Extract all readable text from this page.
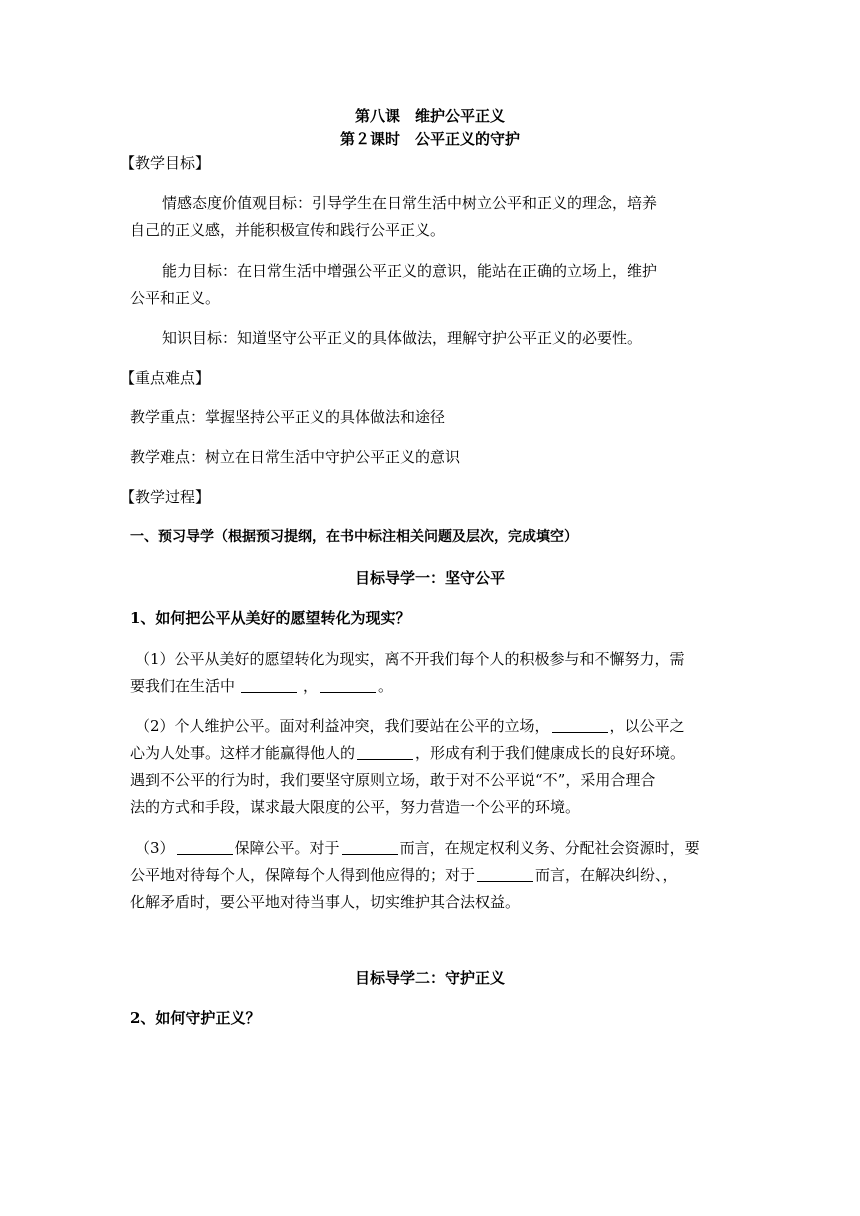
第八课　维护公平正义
第２课时　公平正义的守护
【教学目标】
情感态度价值观目标：引导学生在日常生活中树立公平和正义的理念，培养
自己的正义感，并能积极宣传和践行公平正义。
能力目标：在日常生活中增强公平正义的意识，能站在正确的立场上，维护
公平和正义。
知识目标：知道坚守公平正义的具体做法，理解守护公平正义的必要性。
【重点难点】
教学重点：掌握坚持公平正义的具体做法和途径
教学难点：树立在日常生活中守护公平正义的意识
【教学过程】
一、预习导学（根据预习提纲，在书中标注相关问题及层次，完成填空）
目标导学一：坚守公平
1、如何把公平从美好的愿望转化为现实？
（1）公平从美好的愿望转化为现实，离不开我们每个人的积极参与和不懈努力，需
要我们在生活中	，	。
（2）个人维护公平。面对利益冲突，我们要站在公平的立场，	，以公平之
心为人处事。这样才能赢得他人的	，形成有利于我们健康成长的良好环境。
遇到不公平的行为时，我们要坚守原则立场，敢于对不公平说“不”，采用合理合
法的方式和手段，谋求最大限度的公平，努力营造一个公平的环境。
（3）	保障公平。对于	而言，在规定权利义务、分配社会资源时，要
公平地对待每个人，保障每个人得到他应得的；对于	而言，在解决纠纷、，
化解矛盾时，要公平地对待当事人，切实维护其合法权益。
目标导学二：守护正义
2、如何守护正义？
